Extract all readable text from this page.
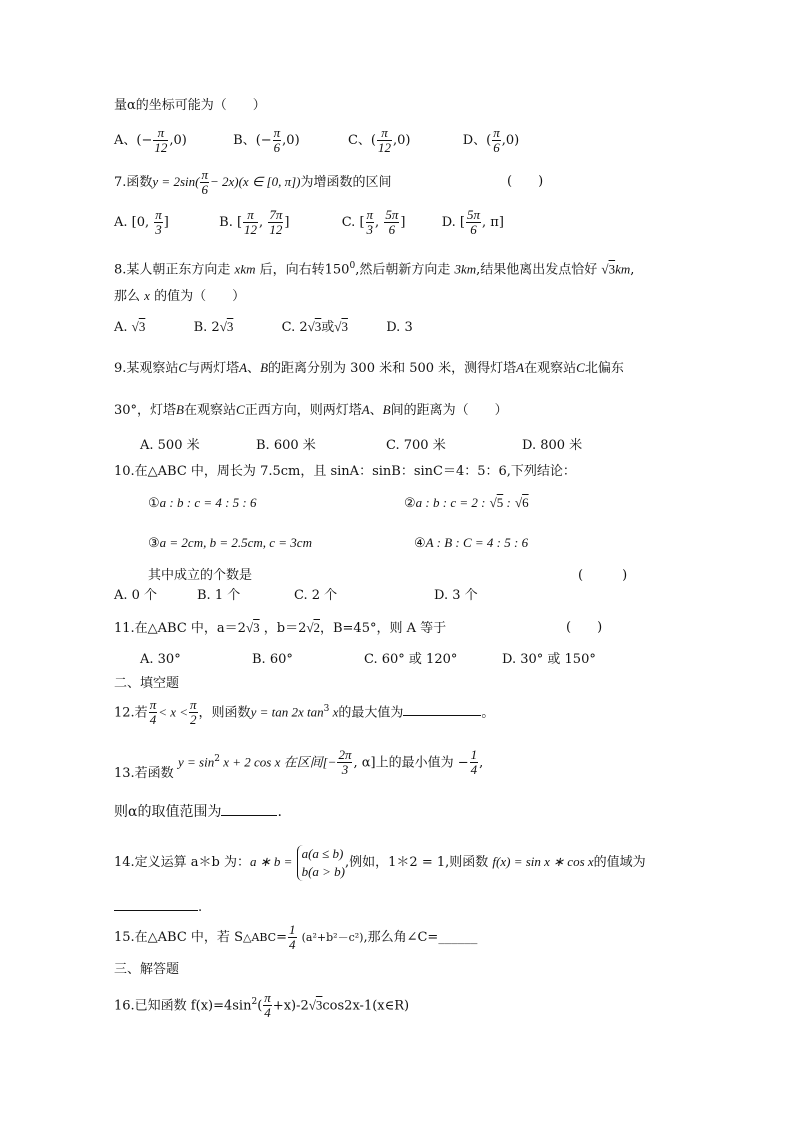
量α的坐标可能为（　　）
A、(− $\frac{\pi}{12} ,0$)	B、(− $\frac{\pi}{6} ,0$)	C、( $\frac{\pi}{12} ,0$)	D、( $\frac{\pi}{6} ,0$)
7.函数$y = 2\sin( \frac{\pi}{6} - 2x)(x$ ∈ [0, π])为增函数的区间	(　　)
A. [0, $\frac{\pi}{3}$ ]	B. [ $\frac{\pi}{12}$ , $\frac{7\pi}{12}$ ]	C. [ $\frac{\pi}{3}$ , $\frac{5\pi}{6}$ ]	D. [ $\frac{5\pi}{6}$ , π]
8.某人朝正东方向走 xkm 后，向右转$150^0$,然后朝新方向走 3km,结果他离出发点恰好 √3km,
那么 x 的值为（　　）
A. √3	B. 2√3	C. 2√3或√3	D. 3
9.某观察站C与两灯塔A、B的距离分别为 300 米和 500 米，测得灯塔A在观察站C北偏东
30°，灯塔B在观察站C正西方向，则两灯塔A、B间的距离为（　　）
A. 500 米	B. 600 米	C. 700 米	D. 800 米
10.在△ABC 中，周长为 7.5cm，且 sinA：sinB：sinC＝4：5：6,下列结论：
①a : b : c = 4 : 5 : 6	②a : b : c = 2 : √5 : √6
③a = 2cm, b = 2.5cm, c = 3cm	④A : B : C = 4 : 5 : 6
其中成立的个数是	(　　　)
A. 0 个	B. 1 个	C. 2 个	D. 3 个
11.在△ABC 中，a＝2√3 ，b＝2√2，B=45°，则 A 等于	(　　)
A. 30°	B. 60°	C. 60° 或 120°	D. 30° 或 150°
二、填空题
12.若 $\frac{\pi}{4} < x < \frac{\pi}{2}$ ，则函数y = tan 2x $\tan^3 x$的最大值为	。
$y = \sin^2 x + 2$ cos x 在区间[− $\frac{2\pi}{3}$ , α]上的最小值为 − $\frac{1}{4}$ ,
13.若函数
则α的取值范围为	.
14.定义运算 a＊b 为：a ∗ b =
a(a ≤ b)
b(a > b)
,例如，1＊2 = 1,则函数 f(x) = sin x ∗ cos x的值域为
.
15.在△ABC 中，若 S△ABC= $\frac{1}{4} (a^2+b^2-c^2)$,那么角∠C=______
三、解答题
16.已知函数 $f(x)=4\sin^2( \frac{\pi}{4}$ +x)-2√3cos2x-1(x∈R)
